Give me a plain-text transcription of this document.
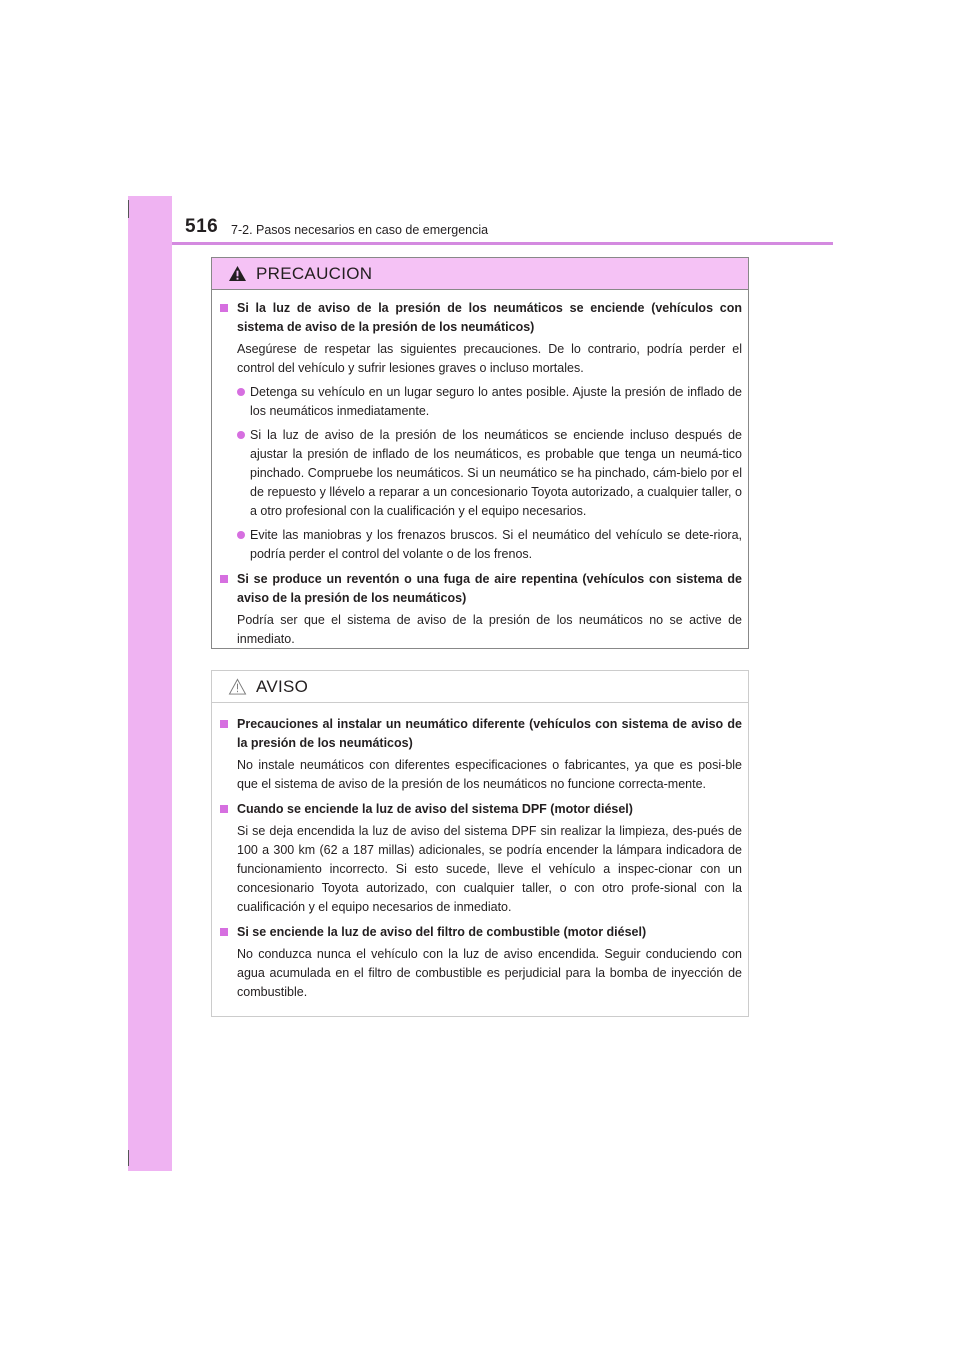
516 7-2. Pasos necesarios en caso de emergencia
PRECAUCION
Si la luz de aviso de la presión de los neumáticos se enciende (vehículos con sistema de aviso de la presión de los neumáticos)
Asegúrese de respetar las siguientes precauciones. De lo contrario, podría perder el control del vehículo y sufrir lesiones graves o incluso mortales.
Detenga su vehículo en un lugar seguro lo antes posible. Ajuste la presión de inflado de los neumáticos inmediatamente.
Si la luz de aviso de la presión de los neumáticos se enciende incluso después de ajustar la presión de inflado de los neumáticos, es probable que tenga un neumá-tico pinchado. Compruebe los neumáticos. Si un neumático se ha pinchado, cám-bielo por el de repuesto y llévelo a reparar a un concesionario Toyota autorizado, a cualquier taller, o a otro profesional con la cualificación y el equipo necesarios.
Evite las maniobras y los frenazos bruscos. Si el neumático del vehículo se dete-riora, podría perder el control del volante o de los frenos.
Si se produce un reventón o una fuga de aire repentina (vehículos con sistema de aviso de la presión de los neumáticos)
Podría ser que el sistema de aviso de la presión de los neumáticos no se active de inmediato.
AVISO
Precauciones al instalar un neumático diferente (vehículos con sistema de aviso de la presión de los neumáticos)
No instale neumáticos con diferentes especificaciones o fabricantes, ya que es posi-ble que el sistema de aviso de la presión de los neumáticos no funcione correcta-mente.
Cuando se enciende la luz de aviso del sistema DPF (motor diésel)
Si se deja encendida la luz de aviso del sistema DPF sin realizar la limpieza, des-pués de 100 a 300 km (62 a 187 millas) adicionales, se podría encender la lámpara indicadora de funcionamiento incorrecto. Si esto sucede, lleve el vehículo a inspec-cionar con un concesionario Toyota autorizado, con cualquier taller, o con otro profe-sional con la cualificación y el equipo necesarios de inmediato.
Si se enciende la luz de aviso del filtro de combustible (motor diésel)
No conduzca nunca el vehículo con la luz de aviso encendida. Seguir conduciendo con agua acumulada en el filtro de combustible es perjudicial para la bomba de inyección de combustible.
